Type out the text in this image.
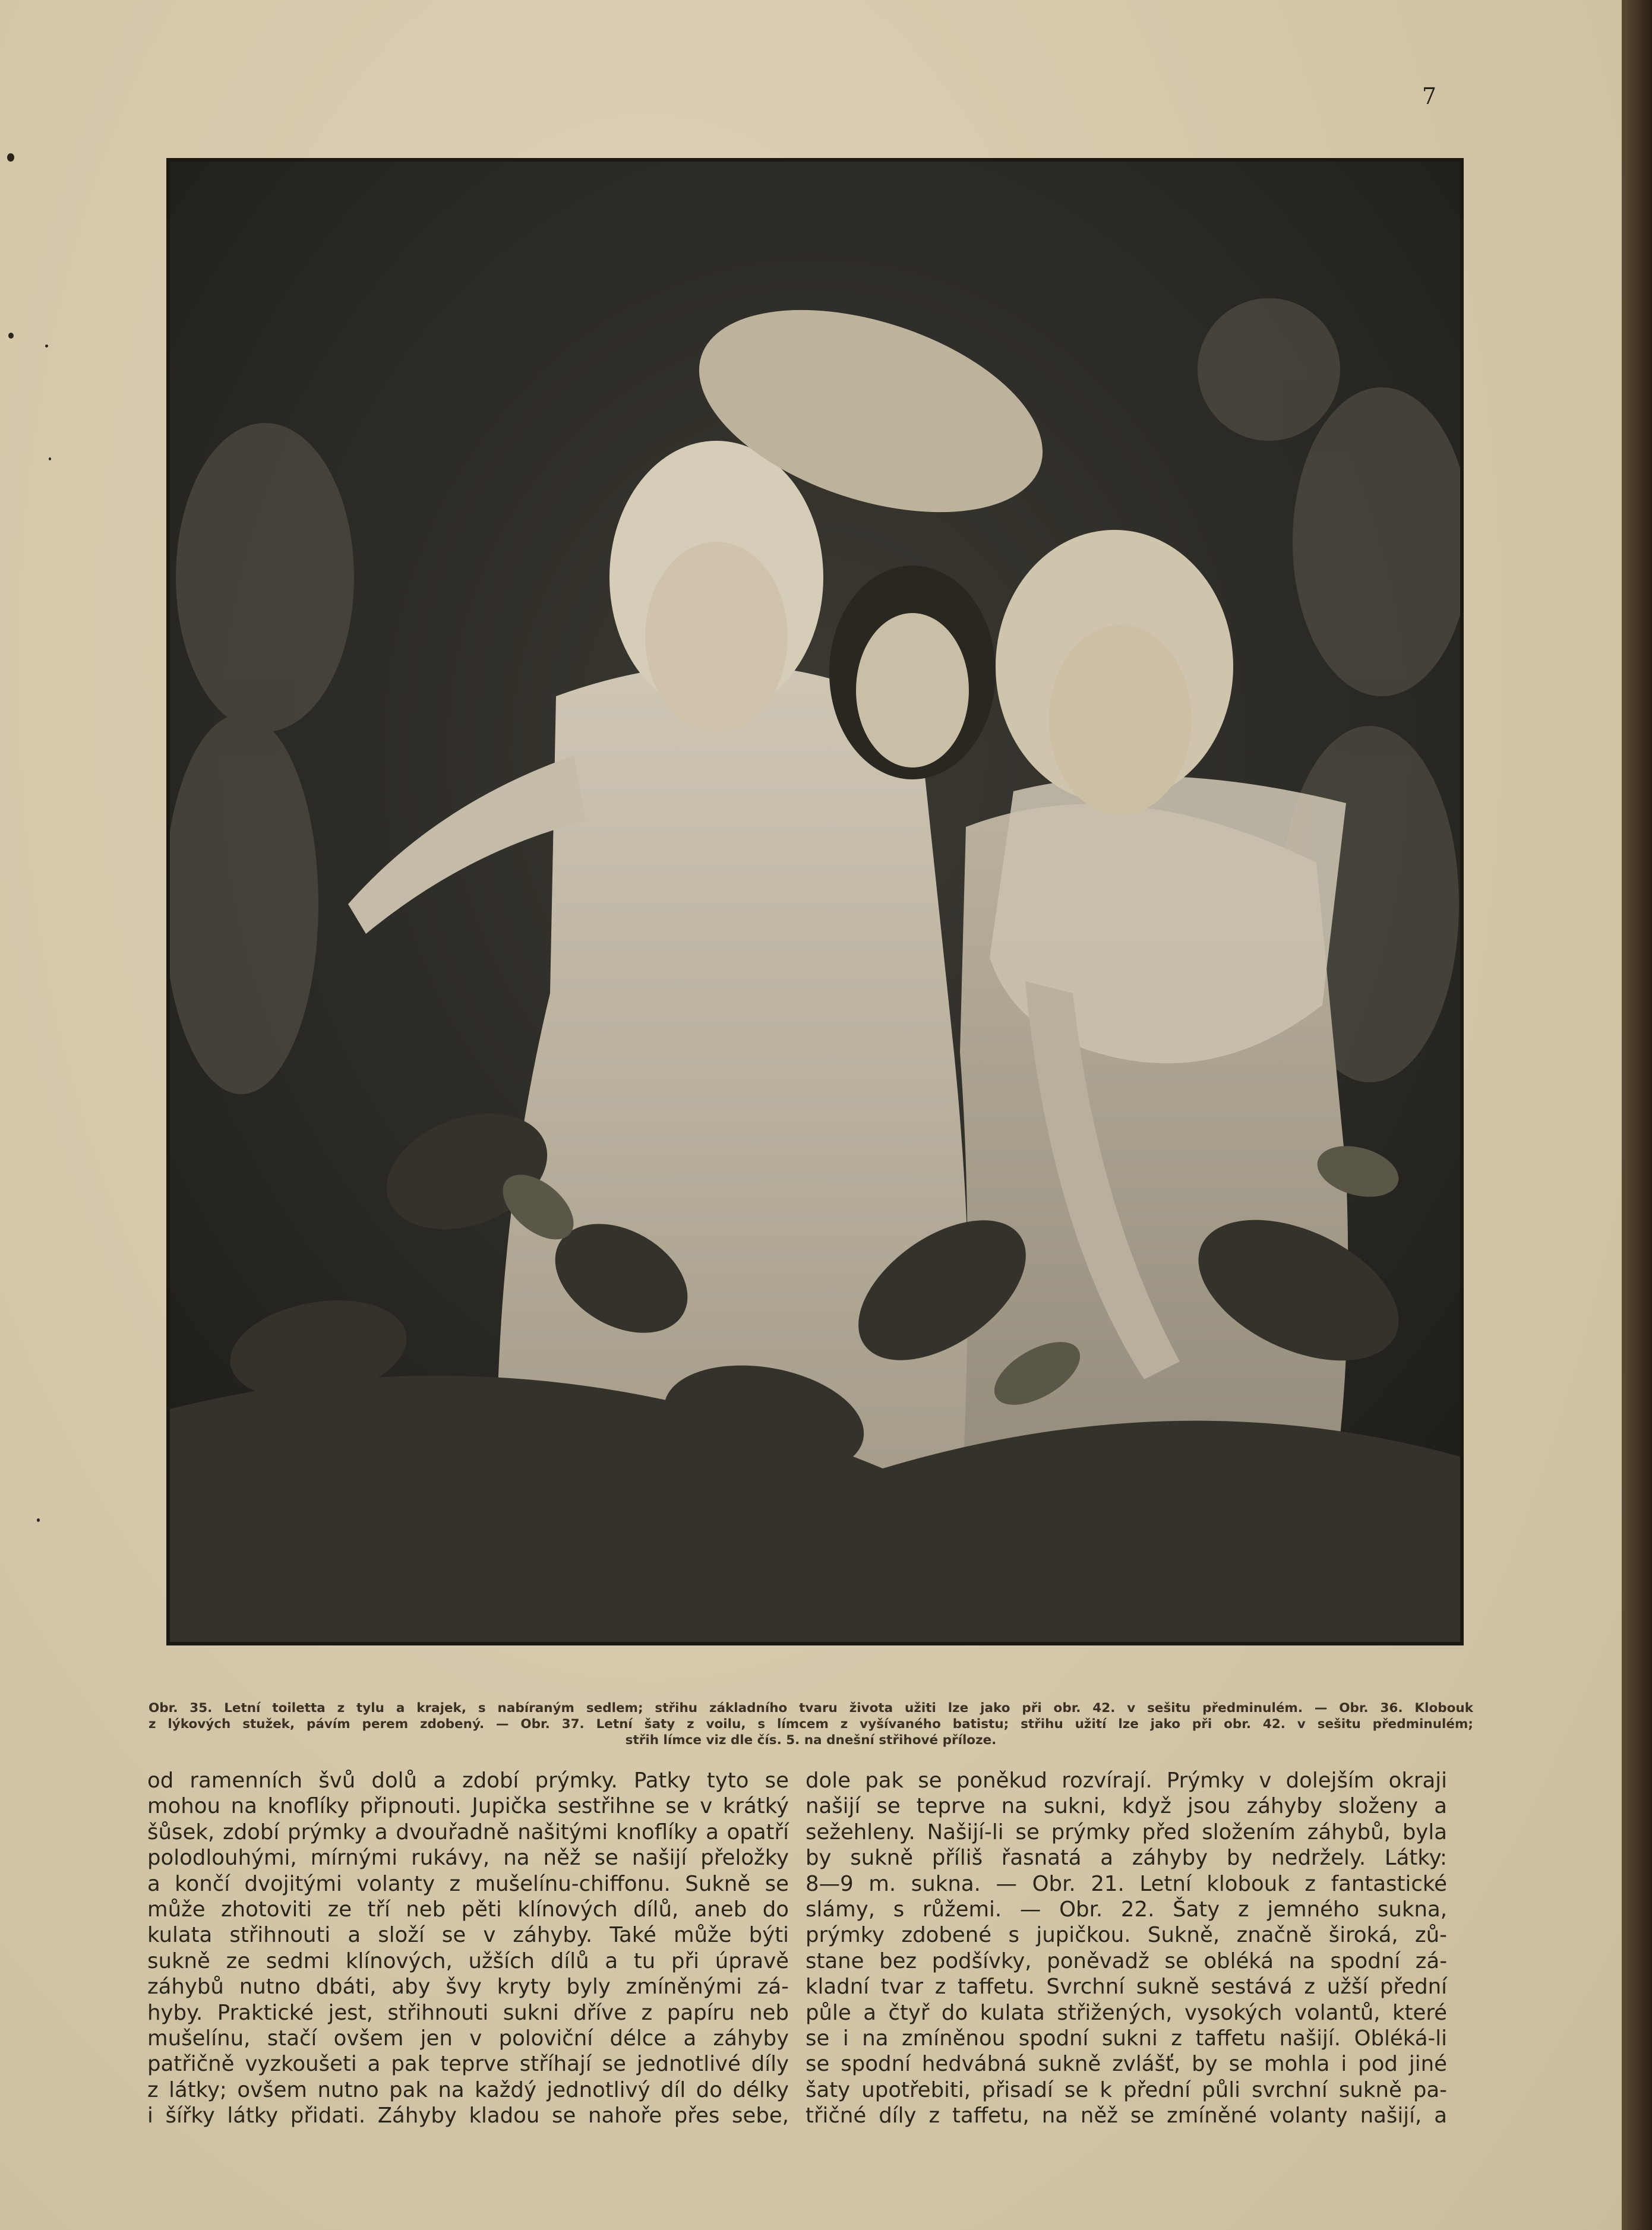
7
Obr. 35. Letní toiletta z tylu a krajek, s nabíraným sedlem; střihu základního tvaru života užiti lze jako při obr. 42. v sešitu předminulém. — Obr. 36. Klobouk
z lýkových stužek, pávím perem zdobený. — Obr. 37. Letní šaty z voilu, s límcem z vyšívaného batistu; střihu užití lze jako při obr. 42. v sešitu předminulém;
střih límce viz dle čís. 5. na dnešní střihové příloze.
od ramenních švů dolů a zdobí prýmky. Patky tyto se
mohou na knoflíky připnouti. Jupička sestřihne se v krátký
šůsek, zdobí prýmky a dvouřadně našitými knoflíky a opatří
polodlouhými, mírnými rukávy, na něž se našijí přeložky
a končí dvojitými volanty z mušelínu-chiffonu. Sukně se
může zhotoviti ze tří neb pěti klínových dílů, aneb do
kulata střihnouti a složí se v záhyby. Také může býti
sukně ze sedmi klínových, užších dílů a tu při úpravě
záhybů nutno dbáti, aby švy kryty byly zmíněnými zá-
hyby. Praktické jest, střihnouti sukni dříve z papíru neb
mušelínu, stačí ovšem jen v poloviční délce a záhyby
patřičně vyzkoušeti a pak teprve stříhají se jednotlivé díly
z látky; ovšem nutno pak na každý jednotlivý díl do délky
i šířky látky přidati. Záhyby kladou se nahoře přes sebe,
dole pak se poněkud rozvírají. Prýmky v dolejším okraji
našijí se teprve na sukni, když jsou záhyby složeny a
sežehleny. Našijí-li se prýmky před složením záhybů, byla
by sukně příliš řasnatá a záhyby by nedržely. Látky:
8—9 m. sukna. — Obr. 21. Letní klobouk z fantastické
slámy, s růžemi. — Obr. 22. Šaty z jemného sukna,
prýmky zdobené s jupičkou. Sukně, značně široká, zů-
stane bez podšívky, poněvadž se obléká na spodní zá-
kladní tvar z taffetu. Svrchní sukně sestává z užší přední
půle a čtyř do kulata střižených, vysokých volantů, které
se i na zmíněnou spodní sukni z taffetu našijí. Obléká-li
se spodní hedvábná sukně zvlášť, by se mohla i pod jiné
šaty upotřebiti, přisadí se k přední půli svrchní sukně pa-
třičné díly z taffetu, na něž se zmíněné volanty našijí, a
